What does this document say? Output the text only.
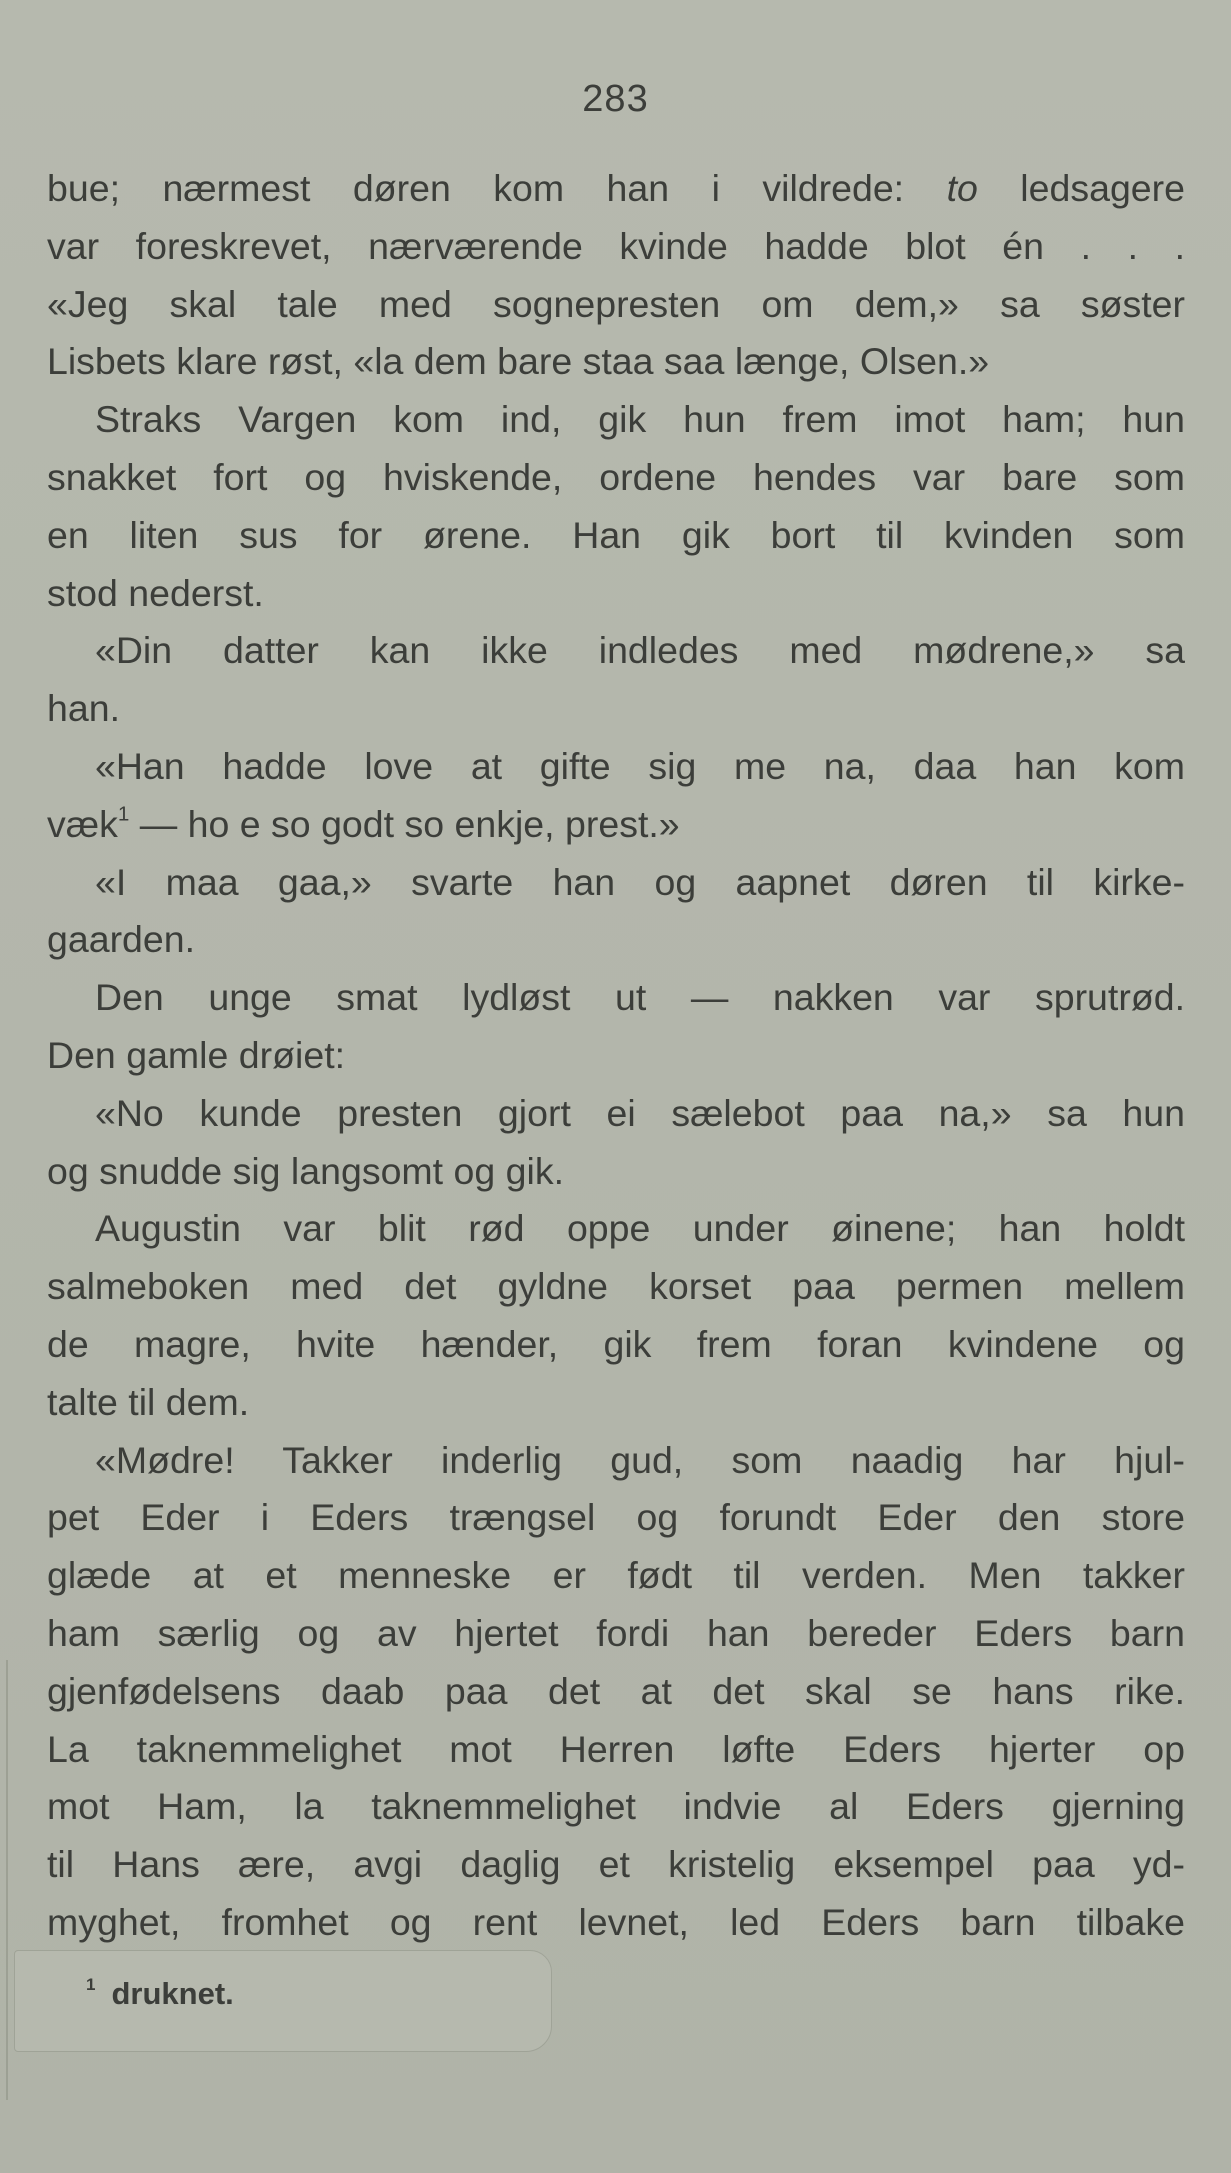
283
bue; nærmest døren kom han i vildrede: to ledsagere
var foreskrevet, nærværende kvinde hadde blot én . . .
«Jeg skal tale med sognepresten om dem,» sa søster
Lisbets klare røst, «la dem bare staa saa længe, Olsen.»
Straks Vargen kom ind, gik hun frem imot ham; hun
snakket fort og hviskende, ordene hendes var bare som
en liten sus for ørene. Han gik bort til kvinden som
stod nederst.
«Din datter kan ikke indledes med mødrene,» sa
han.
«Han hadde love at gifte sig me na, daa han kom
væk$^1$ — ho e so godt so enkje, prest.»
«I maa gaa,» svarte han og aapnet døren til kirke-
gaarden.
Den unge smat lydløst ut — nakken var sprutrød.
Den gamle drøiet:
«No kunde presten gjort ei sælebot paa na,» sa hun
og snudde sig langsomt og gik.
Augustin var blit rød oppe under øinene; han holdt
salmeboken med det gyldne korset paa permen mellem
de magre, hvite hænder, gik frem foran kvindene og
talte til dem.
«Mødre! Takker inderlig gud, som naadig har hjul-
pet Eder i Eders trængsel og forundt Eder den store
glæde at et menneske er født til verden. Men takker
ham særlig og av hjertet fordi han bereder Eders barn
gjenfødelsens daab paa det at det skal se hans rike.
La taknemmelighet mot Herren løfte Eders hjerter op
mot Ham, la taknemmelighet indvie al Eders gjerning
til Hans ære, avgi daglig et kristelig eksempel paa yd-
myghet, fromhet og rent levnet, led Eders barn tilbake
$^1$ druknet.
